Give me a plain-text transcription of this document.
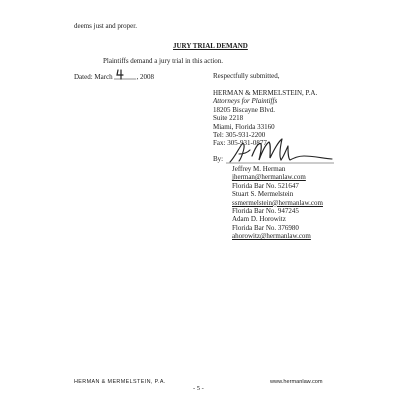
deems just and proper.
JURY TRIAL DEMAND
Plaintiffs demand a jury trial in this action.
Dated: March	, 2008	Respectfully submitted,
HERMAN & MERMELSTEIN, P.A.
Attorneys for Plaintiffs
18205 Biscayne Blvd.
Suite 2218
Miami, Florida 33160
Tel: 305-931-2200
Fax: 305-931-0877
By:
Jeffrey M. Herman
jherman@hermanlaw.com
Florida Bar No. 521647
Stuart S. Mermelstein
ssmermelstein@hermanlaw.com
Florida Bar No. 947245
Adam D. Horowitz
Florida Bar No. 376980
ahorowitz@hermanlaw.com
HERMAN & MERMELSTEIN, P.A.
- 5 -
www.hermanlaw.com
